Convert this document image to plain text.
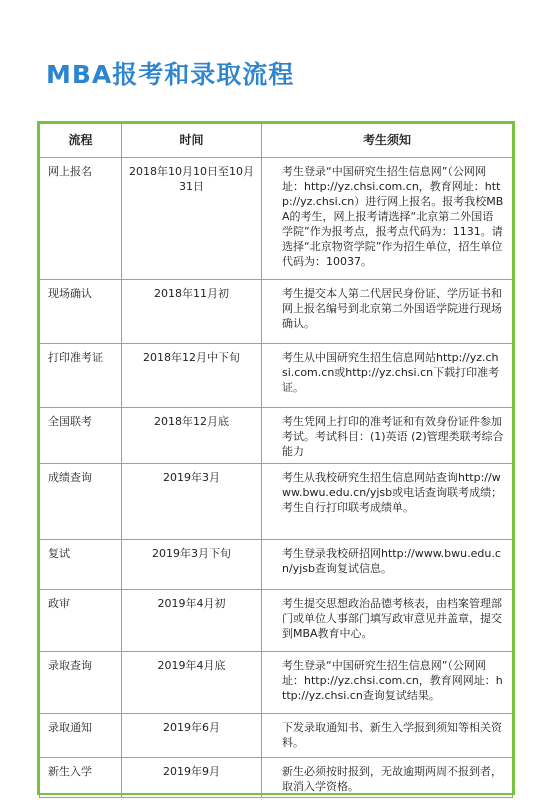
MBA报考和录取流程
流程	时间	考生须知
网上报名	2018年10月10日至10月31日	考生登录“中国研究生招生信息网”（公网网址：http://yz.chsi.com.cn，教育网址：http://yz.chsi.cn）进行网上报名。报考我校MBA的考生，网上报考请选择“北京第二外国语学院”作为报考点，报考点代码为：1131。请选择“北京物资学院”作为招生单位，招生单位代码为：10037。

现场确认	2018年11月初	考生提交本人第二代居民身份证、学历证书和网上报名编号到北京第二外国语学院进行现场确认。

打印准考证	2018年12月中下旬	考生从中国研究生招生信息网站http://yz.chsi.com.cn或http://yz.chsi.cn下载打印准考证。

全国联考	2018年12月底	考生凭网上打印的准考证和有效身份证件参加考试。考试科目：(1)英语 (2)管理类联考综合能力

成绩查询	2019年3月	考生从我校研究生招生信息网站查询http://www.bwu.edu.cn/yjsb或电话查询联考成绩；考生自行打印联考成绩单。

复试	2019年3月下旬	考生登录我校研招网http://www.bwu.edu.cn/yjsb查询复试信息。

政审	2019年4月初	考生提交思想政治品德考核表，由档案管理部门或单位人事部门填写政审意见并盖章，提交到MBA教育中心。

录取查询	2019年4月底	考生登录“中国研究生招生信息网”（公网网址：http://yz.chsi.com.cn，教育网网址：http://yz.chsi.cn查询复试结果。

录取通知	2019年6月	下发录取通知书、新生入学报到须知等相关资料。

新生入学	2019年9月	新生必须按时报到，无故逾期两周不报到者，取消入学资格。
